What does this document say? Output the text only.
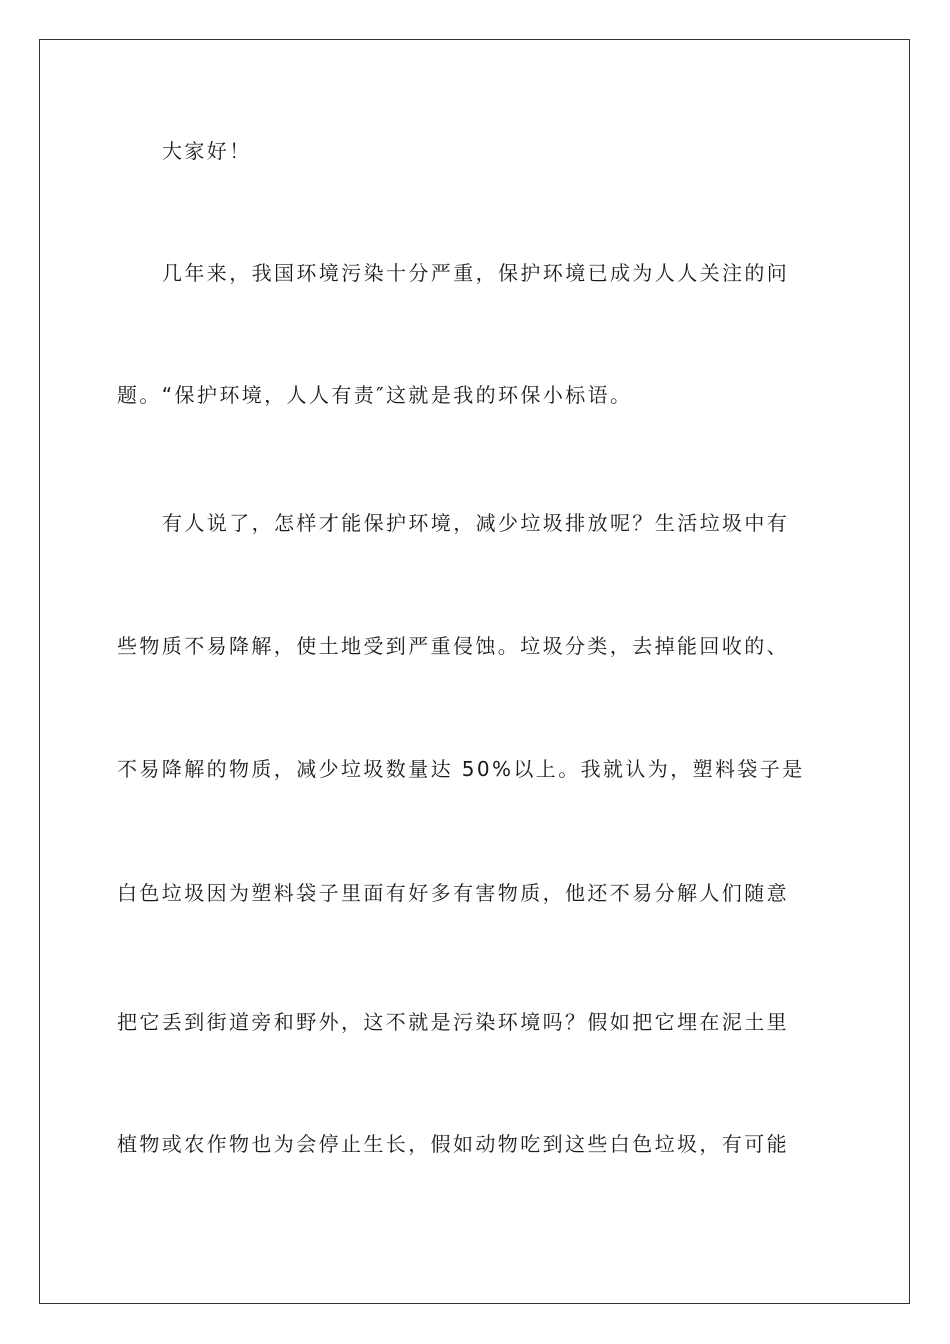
大家好！
几年来，我国环境污染十分严重，保护环境已成为人人关注的问
题。“保护环境，人人有责″这就是我的环保小标语。
有人说了，怎样才能保护环境，减少垃圾排放呢？生活垃圾中有
些物质不易降解，使土地受到严重侵蚀。垃圾分类，去掉能回收的、
不易降解的物质，减少垃圾数量达 50%以上。我就认为，塑料袋子是
白色垃圾因为塑料袋子里面有好多有害物质，他还不易分解人们随意
把它丢到街道旁和野外，这不就是污染环境吗？假如把它埋在泥土里
植物或农作物也为会停止生长，假如动物吃到这些白色垃圾，有可能
